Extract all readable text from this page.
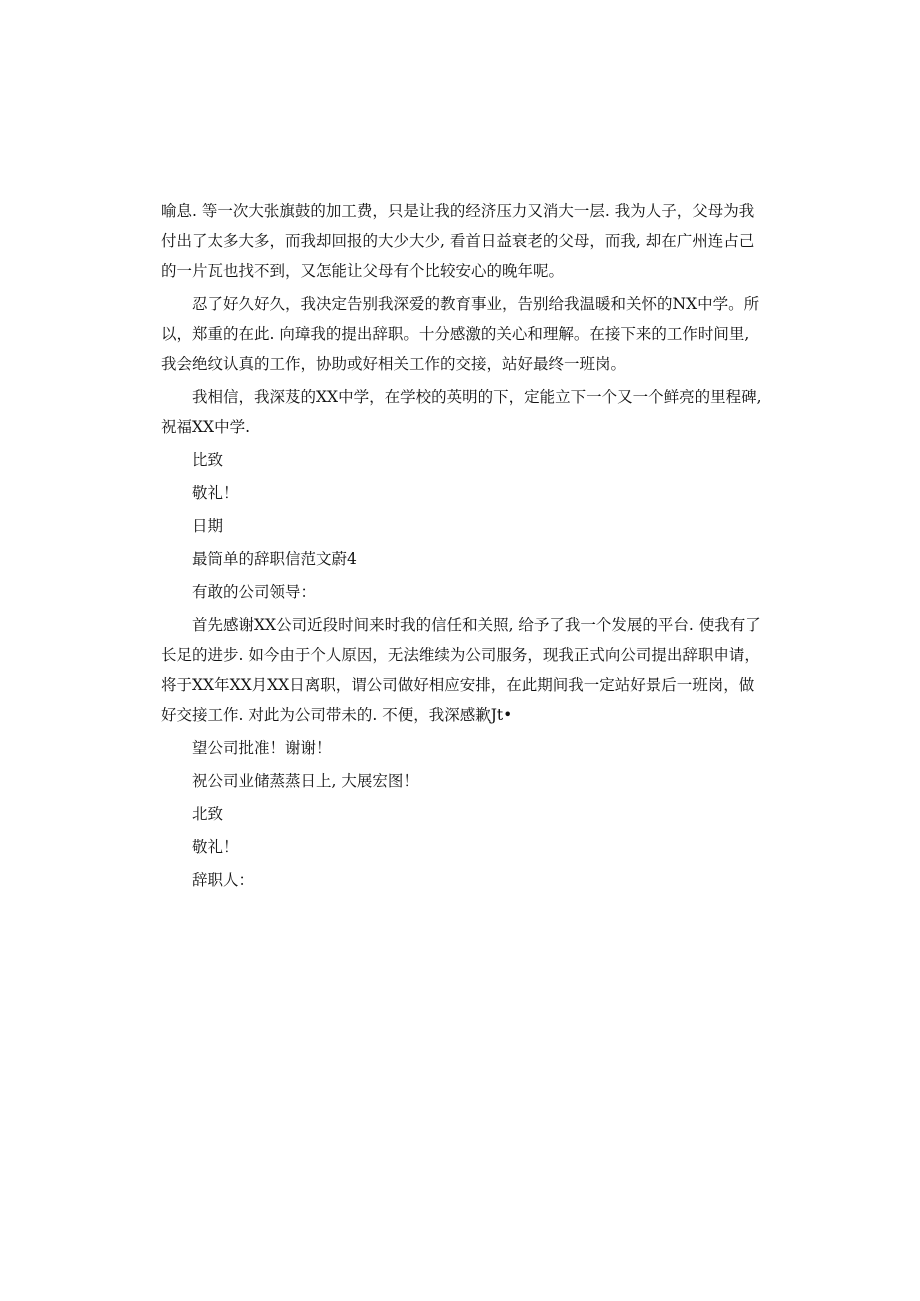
喻息. 等一次大张旗鼓的加工费，只是让我的经济压力又消大一层. 我为人子，父母为我付出了太多大多，而我却回报的大少大少, 看首日益衰老的父母，而我, 却在广州连占己的一片瓦也找不到，又怎能让父母有个比较安心的晚年呢。

忍了好久好久，我决定告别我深爱的教育事业，告别给我温暖和关怀的NX中学。所以，郑重的在此. 向璋我的提出辞职。十分感激的关心和理解。在接下来的工作时间里, 我会绝纹认真的工作，协助或好相关工作的交接，站好最终一班岗。

我相信，我深芨的XX中学，在学校的英明的下，定能立下一个又一个鲜亮的里程碑, 祝福XX中学.

比致

敬礼！

日期

最筒单的辞职信范文蔚4

有敢的公司领导：

首先感谢XX公司近段时间来时我的信任和关照, 给予了我一个发展的平台. 使我有了长足的进步. 如今由于个人原因，无法维续为公司服务，现我正式向公司提出辞职申请，将于XX年XX月XX日离职，谓公司做好相应安排，在此期间我一定站好景后一班岗，做好交接工作. 对此为公司带未的. 不便，我深感歉Jt•

望公司批准！谢谢！

祝公司业储蒸蒸日上, 大展宏图！

北致

敬礼！

辞职人：
